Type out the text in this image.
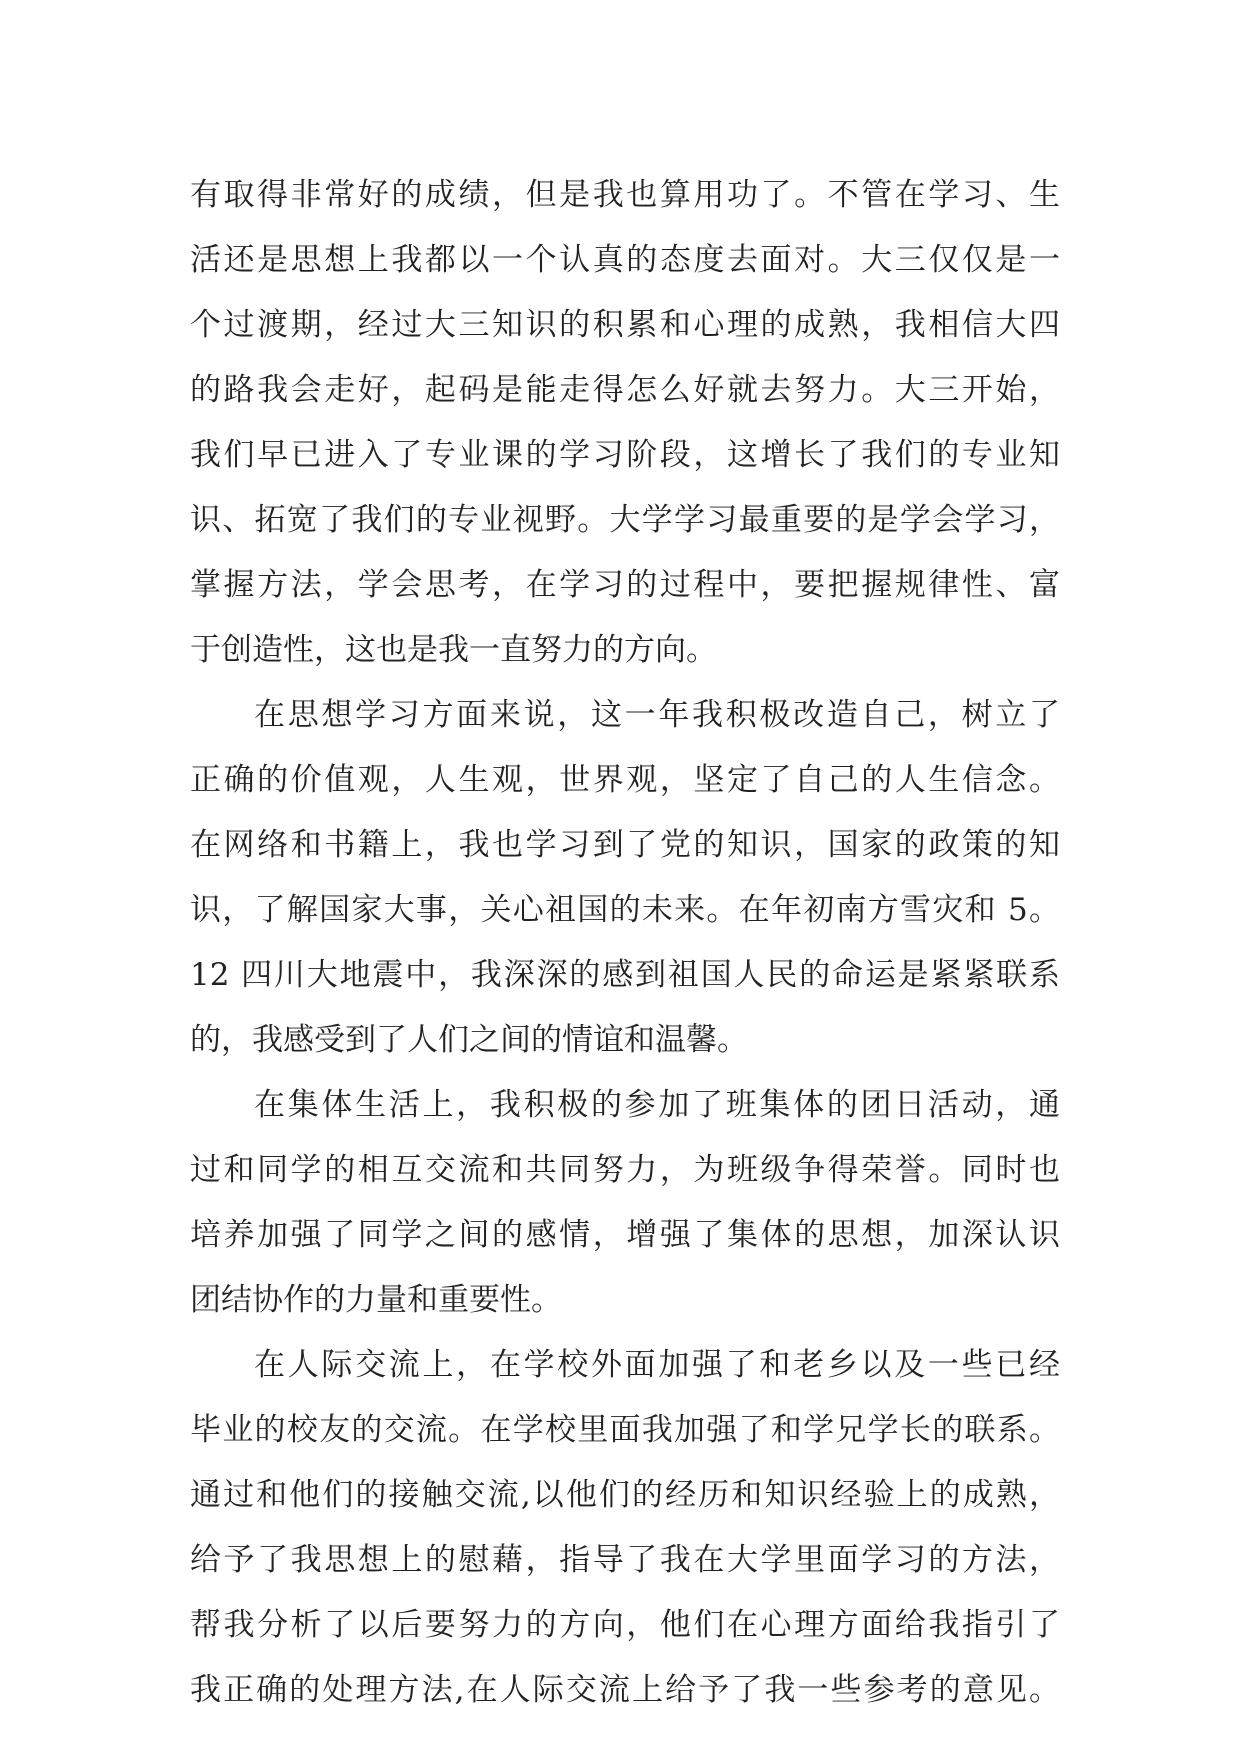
有取得非常好的成绩，但是我也算用功了。不管在学习、生
活还是思想上我都以一个认真的态度去面对。大三仅仅是一
个过渡期，经过大三知识的积累和心理的成熟，我相信大四
的路我会走好，起码是能走得怎么好就去努力。大三开始，
我们早已进入了专业课的学习阶段，这增长了我们的专业知
识、拓宽了我们的专业视野。大学学习最重要的是学会学习，
掌握方法，学会思考，在学习的过程中，要把握规律性、富
于创造性，这也是我一直努力的方向。
在思想学习方面来说，这一年我积极改造自己，树立了
正确的价值观，人生观，世界观，坚定了自己的人生信念。
在网络和书籍上，我也学习到了党的知识，国家的政策的知
识，了解国家大事，关心祖国的未来。在年初南方雪灾和 5。
12 四川大地震中，我深深的感到祖国人民的命运是紧紧联系
的，我感受到了人们之间的情谊和温馨。
在集体生活上，我积极的参加了班集体的团日活动，通
过和同学的相互交流和共同努力，为班级争得荣誉。同时也
培养加强了同学之间的感情，增强了集体的思想，加深认识
团结协作的力量和重要性。
在人际交流上，在学校外面加强了和老乡以及一些已经
毕业的校友的交流。在学校里面我加强了和学兄学长的联系。
通过和他们的接触交流,以他们的经历和知识经验上的成熟，
给予了我思想上的慰藉，指导了我在大学里面学习的方法，
帮我分析了以后要努力的方向，他们在心理方面给我指引了
我正确的处理方法,在人际交流上给予了我一些参考的意见。
